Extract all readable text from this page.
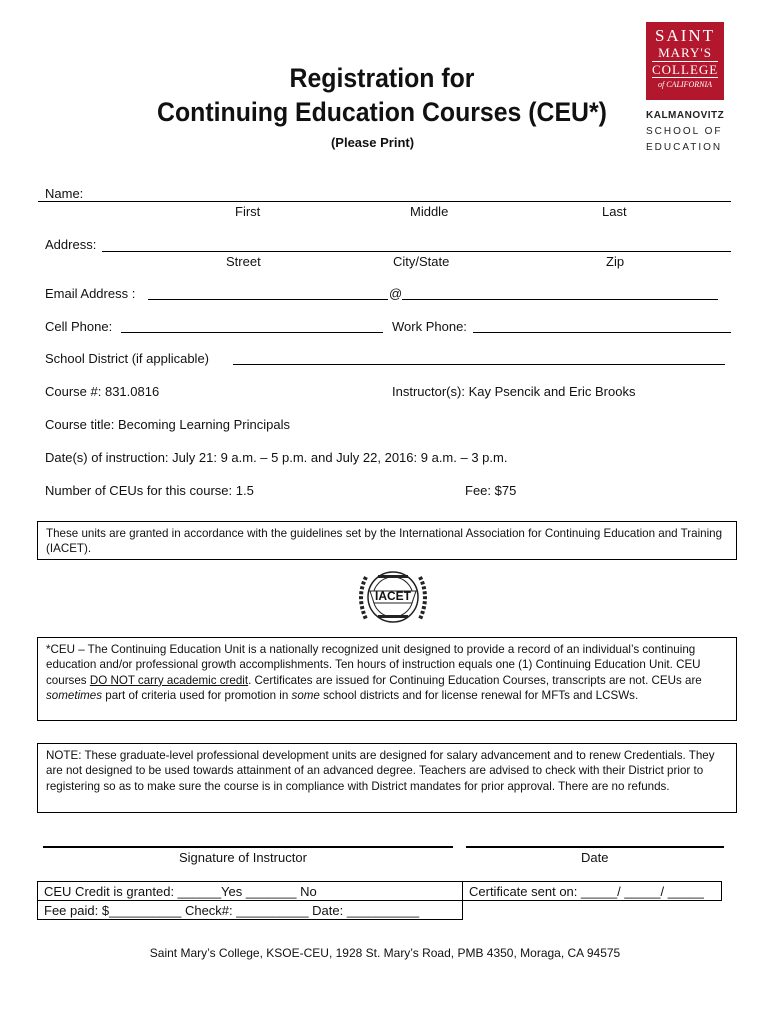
SAINT
MARY'S
COLLEGE
of CALIFORNIA
KALMANOVITZ
SCHOOL OF
EDUCATION
Registration for
Continuing Education Courses (CEU*)
(Please Print)
Name:
First	Middle	Last
Address:
Street	City/State	Zip
Email Address :	@
Cell Phone:	Work Phone:
School District (if applicable)
Course #: 831.0816	Instructor(s): Kay Psencik and Eric Brooks
Course title: Becoming Learning Principals
Date(s) of instruction: July 21: 9 a.m. – 5 p.m. and July 22, 2016: 9 a.m. – 3 p.m.
Number of CEUs for this course: 1.5	Fee: $75
These units are granted in accordance with the guidelines set by the International Association for Continuing Education and Training (IACET).
IACET
*CEU – The Continuing Education Unit is a nationally recognized unit designed to provide a record of an individual’s continuing education and/or professional growth accomplishments. Ten hours of instruction equals one (1) Continuing Education Unit. CEU courses DO NOT carry academic credit. Certificates are issued for Continuing Education Courses, transcripts are not. CEUs are sometimes part of criteria used for promotion in some school districts and for license renewal for MFTs and LCSWs.
NOTE: These graduate-level professional development units are designed for salary advancement and to renew Credentials. They are not designed to be used towards attainment of an advanced degree. Teachers are advised to check with their District prior to registering so as to make sure the course is in compliance with District mandates for prior approval. There are no refunds.
Signature of Instructor	Date
CEU Credit is granted: ______Yes _______ No	Certificate sent on: _____/ _____/ _____
Fee paid: $__________ Check#: __________ Date: __________	
Saint Mary’s College, KSOE-CEU, 1928 St. Mary’s Road, PMB 4350, Moraga, CA 94575
